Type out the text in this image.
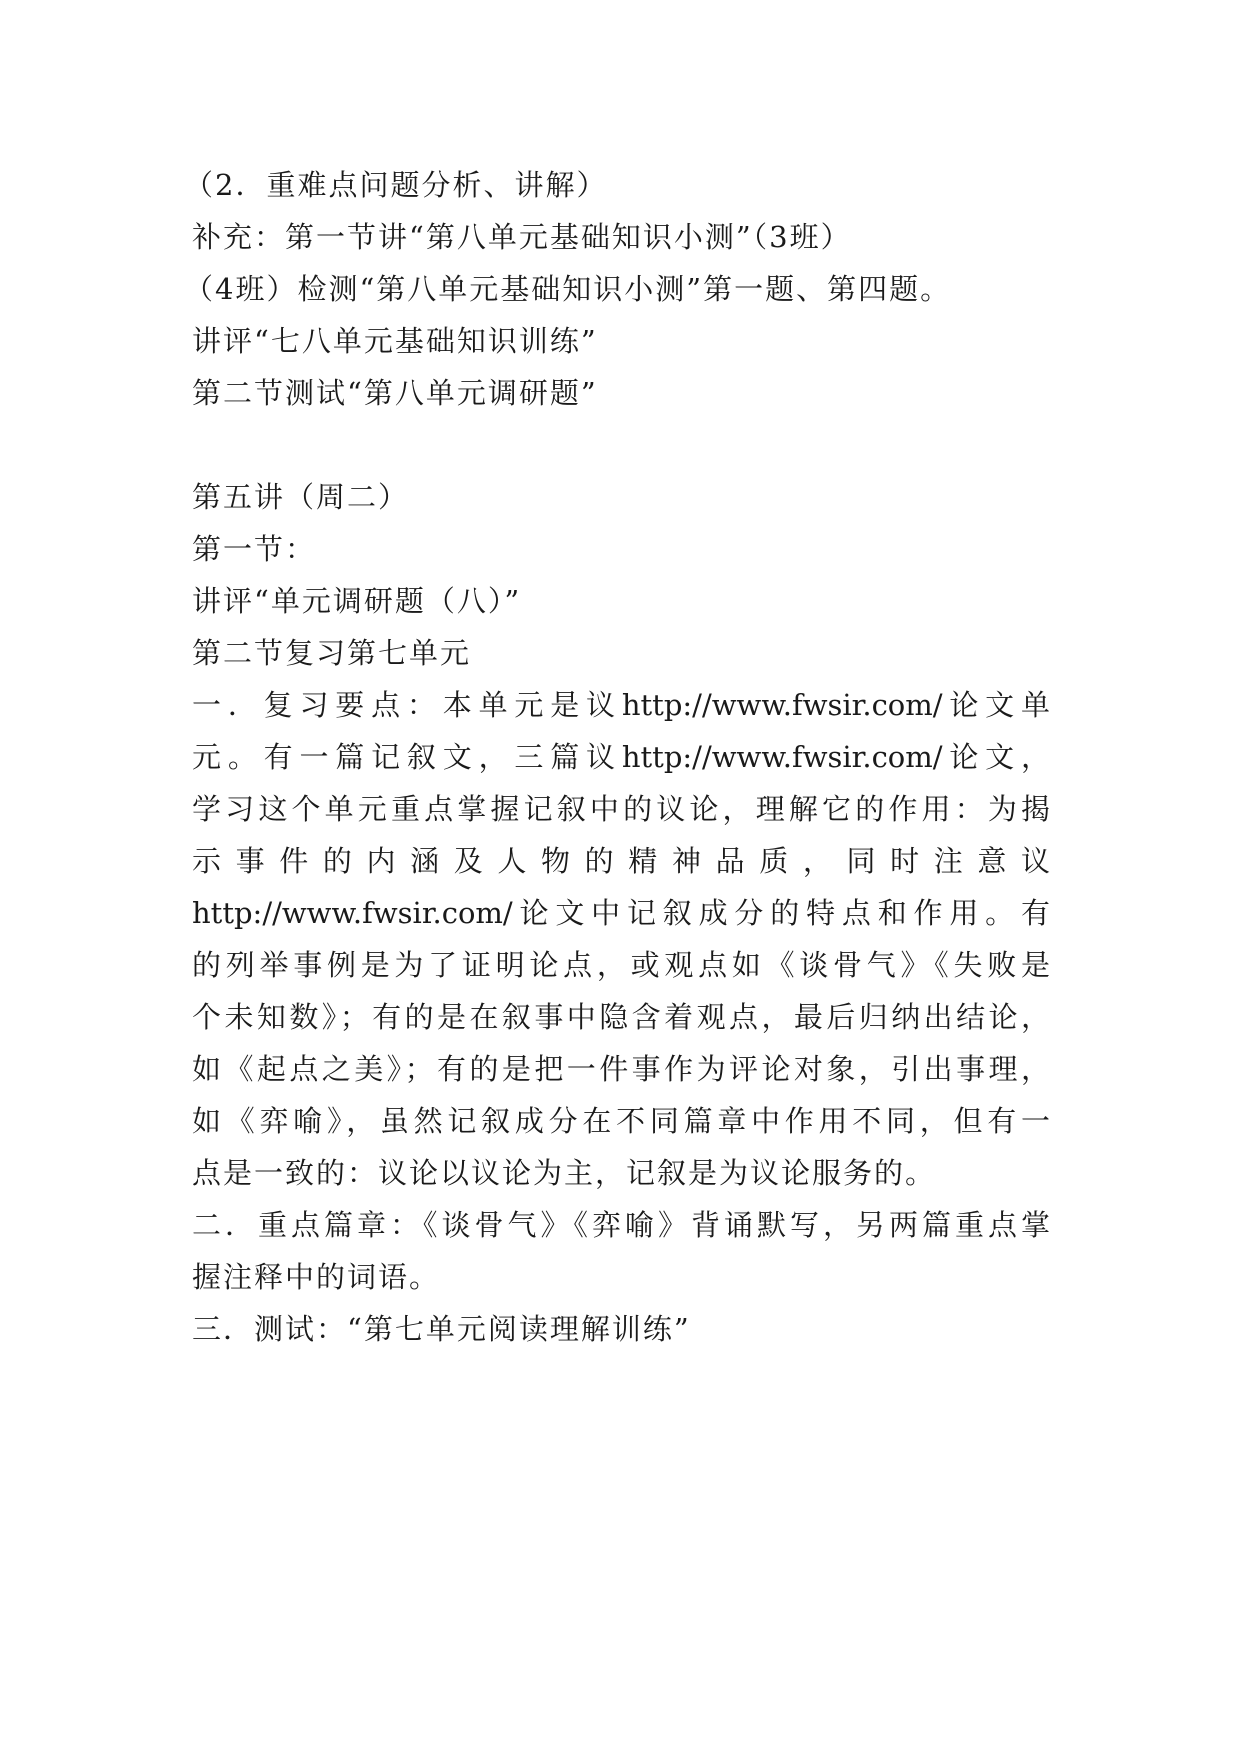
（2．重难点问题分析、讲解）
补充：第一节讲“第八单元基础知识小测”（3班）
（4班）检测“第八单元基础知识小测”第一题、第四题。
讲评“七八单元基础知识训练”
第二节测试“第八单元调研题”
第五讲（周二）
第一节：
讲评“单元调研题（八）”
第二节复习第七单元
一．复习要点：本单元是议http://www.fwsir.com/论文单
元。有一篇记叙文，三篇议http://www.fwsir.com/论文，
学习这个单元重点掌握记叙中的议论，理解它的作用：为揭
示 事 件 的 内 涵 及 人 物 的 精 神 品 质 ， 同 时 注 意 议
http://www.fwsir.com/论文中记叙成分的特点和作用。有
的列举事例是为了证明论点，或观点如《谈骨气》《失败是
个未知数》；有的是在叙事中隐含着观点，最后归纳出结论，
如《起点之美》；有的是把一件事作为评论对象，引出事理，
如《弈喻》，虽然记叙成分在不同篇章中作用不同，但有一
点是一致的：议论以议论为主，记叙是为议论服务的。
二．重点篇章：《谈骨气》《弈喻》背诵默写，另两篇重点掌
握注释中的词语。
三．测试：“第七单元阅读理解训练”
